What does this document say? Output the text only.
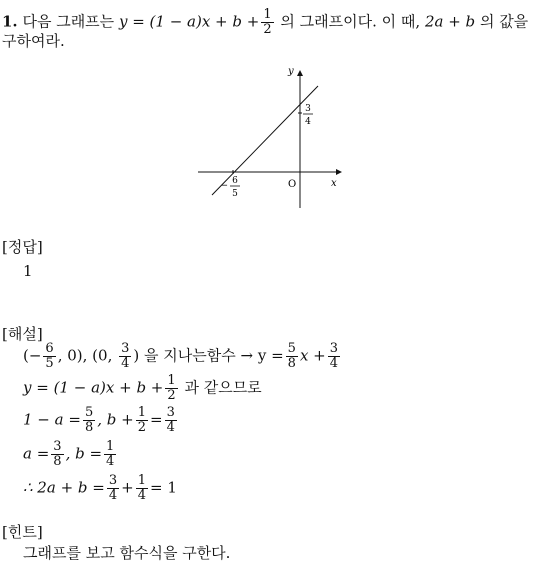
1. 다음 그래프는 $y = (1 - a)x + b + \frac{1}{2}$ 의 그래프이다. 이 때, 2a + b 의 값을
구하여라.
y
x
O
3
4
− 6
5
[정답]
1
[해설]
(− $\frac{6}{5}$ , 0), (0, $\frac{3}{4}$ ) 을 지나는함수 → $y = \frac{5}{8}$ $x + \frac{3}{4}$
$y = (1 - a)x + b + \frac{1}{2}$ 과 같으므로
$1 - a = \frac{5}{8}$ , $b + \frac{1}{2} = \frac{3}{4}$
$a = \frac{3}{8}$ , $b = \frac{1}{4}$
∴ $2a + b = \frac{3}{4} + \frac{1}{4} = 1$
[힌트]
그래프를 보고 함수식을 구한다.
